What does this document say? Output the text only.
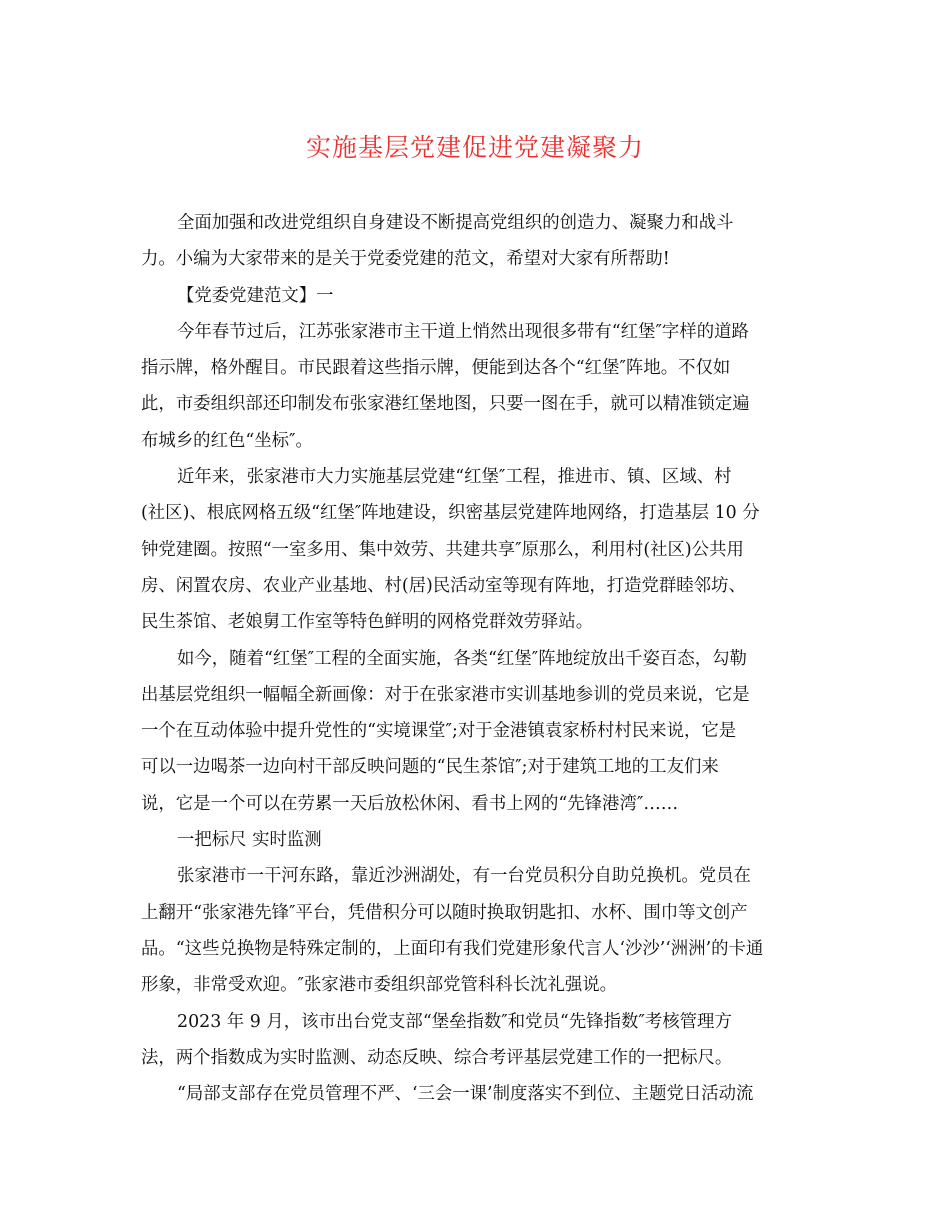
实施基层党建促进党建凝聚力
全面加强和改进党组织自身建设不断提高党组织的创造力、凝聚力和战斗
力。小编为大家带来的是关于党委党建的范文，希望对大家有所帮助!
【党委党建范文】一
今年春节过后，江苏张家港市主干道上悄然出现很多带有“红堡″字样的道路
指示牌，格外醒目。市民跟着这些指示牌，便能到达各个“红堡″阵地。不仅如
此，市委组织部还印制发布张家港红堡地图，只要一图在手，就可以精准锁定遍
布城乡的红色“坐标″。
近年来，张家港市大力实施基层党建“红堡″工程，推进市、镇、区域、村
(社区)、根底网格五级“红堡″阵地建设，织密基层党建阵地网络，打造基层 10 分
钟党建圈。按照“一室多用、集中效劳、共建共享″原那么，利用村(社区)公共用
房、闲置农房、农业产业基地、村(居)民活动室等现有阵地，打造党群睦邻坊、
民生茶馆、老娘舅工作室等特色鲜明的网格党群效劳驿站。
如今，随着“红堡″工程的全面实施，各类“红堡″阵地绽放出千姿百态，勾勒
出基层党组织一幅幅全新画像：对于在张家港市实训基地参训的党员来说，它是
一个在互动体验中提升党性的“实境课堂″;对于金港镇袁家桥村村民来说，它是
可以一边喝茶一边向村干部反映问题的“民生茶馆″;对于建筑工地的工友们来
说，它是一个可以在劳累一天后放松休闲、看书上网的“先锋港湾″……
一把标尺 实时监测
张家港市一干河东路，靠近沙洲湖处，有一台党员积分自助兑换机。党员在
上翻开“张家港先锋″平台，凭借积分可以随时换取钥匙扣、水杯、围巾等文创产
品。“这些兑换物是特殊定制的，上面印有我们党建形象代言人‘沙沙’‘洲洲’的卡通
形象，非常受欢迎。″张家港市委组织部党管科科长沈礼强说。
2023 年 9 月，该市出台党支部“堡垒指数″和党员“先锋指数″考核管理方
法，两个指数成为实时监测、动态反映、综合考评基层党建工作的一把标尺。
“局部支部存在党员管理不严、‘三会一课’制度落实不到位、主题党日活动流
